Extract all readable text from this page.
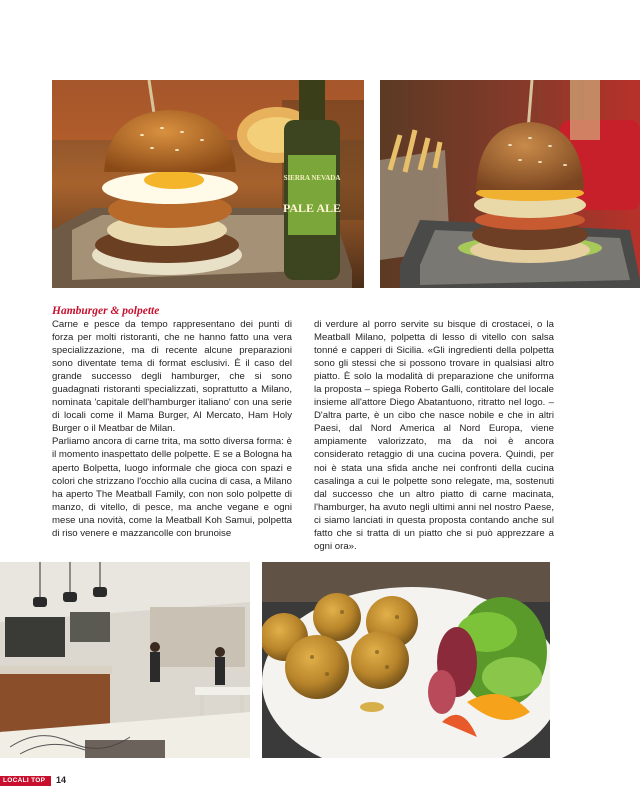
SIERRA NEVADA
PALE ALE
Hamburger & polpette

Carne e pesce da tempo rappresentano dei punti di forza per molti ristoranti, che ne hanno fatto una vera specializzazione, ma di recente alcune preparazioni sono diventate tema di format esclusivi. È il caso del grande successo degli hamburger, che si sono guadagnati ristoranti specializzati, soprattutto a Milano, nominata 'capitale dell'hamburger italiano' con una serie di locali come il Mama Burger, Al Mercato, Ham Holy Burger o il Meatbar de Milan.

Parliamo ancora di carne trita, ma sotto diversa forma: è il momento inaspettato delle polpette. E se a Bologna ha aperto Bolpetta, luogo informale che gioca con spazi e colori che strizzano l'occhio alla cucina di casa, a Milano ha aperto The Meatball Family, con non solo polpette di manzo, di vitello, di pesce, ma anche vegane e ogni mese una novità, come la Meatball Koh Samui, polpetta di riso venere e mazzancolle con brunoise

di verdure al porro servite su bisque di crostacei, o la Meatball Milano, polpetta di lesso di vitello con salsa tonné e capperi di Sicilia. «Gli ingredienti della polpetta sono gli stessi che si possono trovare in qualsiasi altro piatto. È solo la modalità di preparazione che uniforma la proposta – spiega Roberto Galli, contitolare del locale insieme all'attore Diego Abatantuono, ritratto nel logo. – D'altra parte, è un cibo che nasce nobile e che in altri Paesi, dal Nord America al Nord Europa, viene ampiamente valorizzato, ma da noi è ancora considerato retaggio di una cucina povera. Quindi, per noi è stata una sfida anche nei confronti della cucina casalinga a cui le polpette sono relegate, ma, sostenuti dal successo che un altro piatto di carne macinata, l'hamburger, ha avuto negli ultimi anni nel nostro Paese, ci siamo lanciati in questa proposta contando anche sul fatto che si tratta di un piatto che si può apprezzare a ogni ora».

LOCALI TOP	14
